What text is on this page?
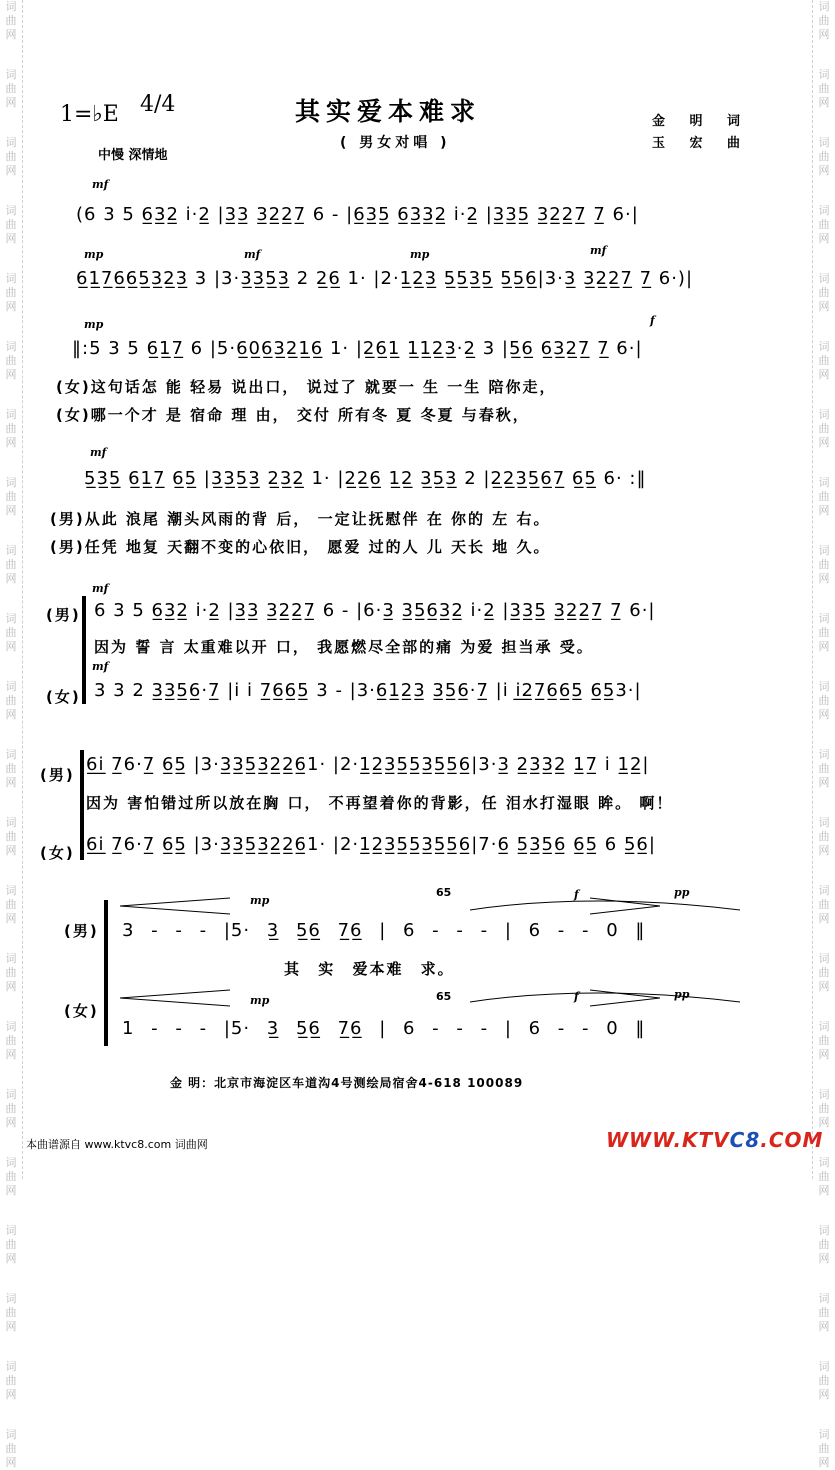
词
曲
网
词
曲
网
词
曲
网
词
曲
网
词
曲
网
词
曲
网
词
曲
网
词
曲
网
词
曲
网
词
曲
网
词
曲
网
词
曲
网
词
曲
网
词
曲
网
词
曲
网
词
曲
网
词
曲
网
词
曲
网
词
曲
网
词
曲
网
词
曲
网
词
曲
网
词
曲
网
词
曲
网
词
曲
网
词
曲
网
词
曲
网
词
曲
网
词
曲
网
词
曲
网
词
曲
网
词
曲
网
词
曲
网
词
曲
网
词
曲
网
词
曲
网
词
曲
网
词
曲
网
词
曲
网
词
曲
网
词
曲
网
词
曲
网
词
曲
网
词
曲
网
1=♭E 4/4
中慢 深情地
其实爱本难求
( 男女对唱 )
金 明 词
玉 宏 曲
mf
(6 3 5 6̲3̲2̲ i·2̲ |3̲3̲ 3̲2̲2̲7̲ 6 - |6̲3̲5̲ 6̲3̲3̲2̲ i·2̲ |3̲3̲5̲ 3̲2̲2̲7̲ 7̲ 6·|
mp	mf	mp	mf
6̲1̲7̲6̲6̲5̲3̲2̲3̲ 3 |3·3̲3̲5̲3̲ 2 2̲6̲ 1· |2·1̲2̲3̲ 5̲5̲3̲5̲ 5̲5̲6̲|3·3̲ 3̲2̲2̲7̲ 7̲ 6·)|
mp	f
‖:5 3 5 6̲1̲7̲ 6 |5·6̲0̲6̲3̲2̲1̲6̲ 1· |2̲6̲1̲ 1̲1̲2̲3̲·2̲ 3 |5̲6̲ 6̲3̲2̲7̲ 7̲ 6·|
(女)这句话怎 能 轻易 说出口， 说过了 就要一 生 一生 陪你走，
(女)哪一个才 是 宿命 理 由， 交付 所有冬 夏 冬夏 与春秋，
mf
5̲3̲5̲ 6̲1̲7̲ 6̲5̲ |3̲3̲5̲3̲ 2̲3̲2̲ 1· |2̲2̲6̲ 1̲2̲ 3̲5̲3̲ 2 |2̲2̲3̲5̲6̲7̲ 6̲5̲ 6· :‖
(男)从此 浪尾 潮头风雨的背 后， 一定让抚慰伴 在 你的 左 右。
(男)任凭 地复 天翻不变的心依旧， 愿爱 过的人 儿 天长 地 久。
mf
(男) 6 3 5 6̲3̲2̲ i·2̲ |3̲3̲ 3̲2̲2̲7̲ 6 - |6·3̲ 3̲5̲6̲3̲2̲ i·2̲ |3̲3̲5̲ 3̲2̲2̲7̲ 7̲ 6·|
因为 誓 言 太重难以开 口， 我愿燃尽全部的痛 为爱 担当承 受。
mf
(女) 3 3 2 3̲3̲5̲6̲·7̲ |i i 7̲6̲6̲5̲ 3 - |3·6̲1̲2̲3̲ 3̲5̲6̲·7̲ |i i̲2̲7̲6̲6̲5̲ 6̲5̲3·|
(男) 6̲i̲ 7̲6·7̲ 6̲5̲ |3·3̲3̲5̲3̲2̲2̲6̲1· |2·1̲2̲3̲5̲5̲3̲5̲5̲6̲|3·3̲ 2̲3̲3̲2̲ 1̲7̲ i 1̲2̲|
因为 害怕错过所以放在胸 口， 不再望着你的背影，任 泪水打湿眼 眸。 啊！
(女) 6̲i̲ 7̲6·7̲ 6̲5̲ |3·3̲3̲5̲3̲2̲2̲6̲1· |2·1̲2̲3̲5̲5̲3̲5̲5̲6̲|7·6̲ 5̲3̲5̲6̲ 6̲5̲ 6 5̲6̲|
mp	f	pp
65
(男) 3 - - - |5· 3̲ 5̲6̲ 7̲6̲ | 6 - - - | 6 - - 0 ‖
其 实 爱本难 求。
mp	f	pp
65
(女)
1 - - - |5· 3̲ 5̲6̲ 7̲6̲ | 6 - - - | 6 - - 0 ‖
金 明：北京市海淀区车道沟4号测绘局宿舍4-618 100089
本曲谱源自 www.ktvc8.com 词曲网	WWW.KTVC8.COM
